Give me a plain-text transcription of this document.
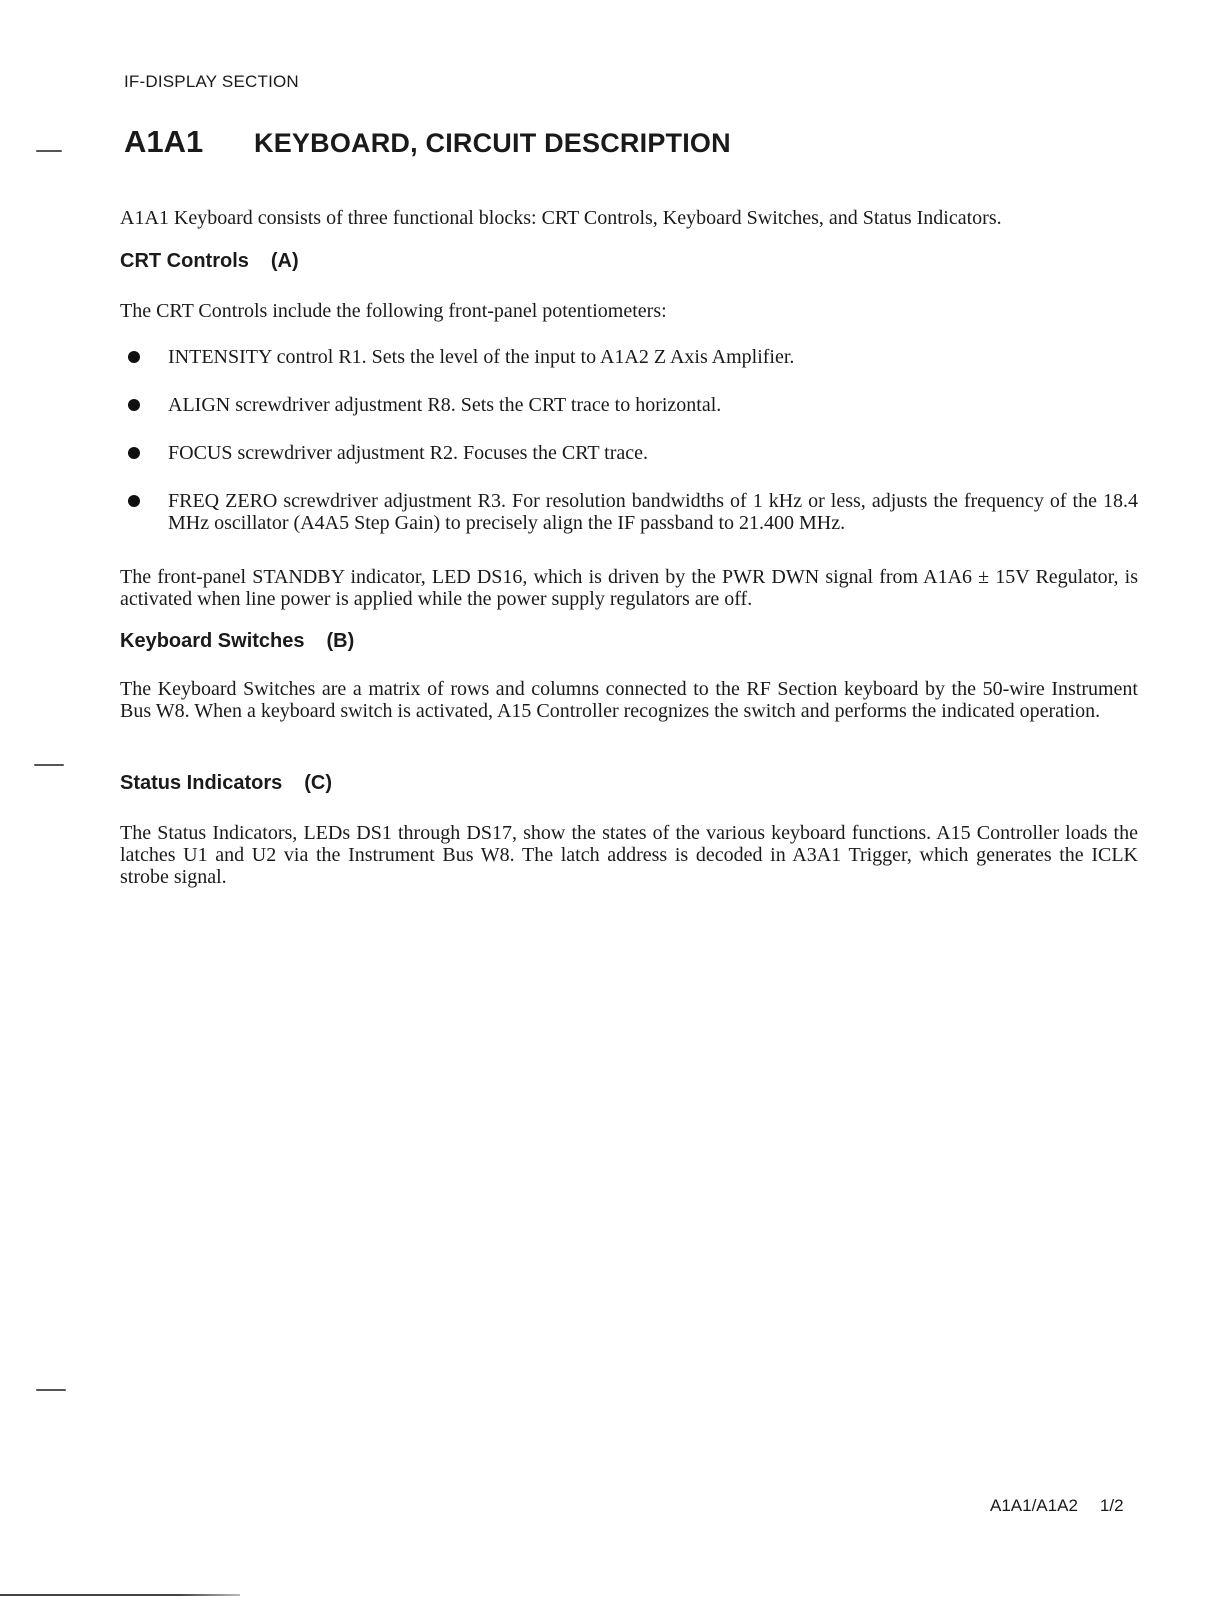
IF-DISPLAY SECTION
A1A1	KEYBOARD, CIRCUIT DESCRIPTION
A1A1 Keyboard consists of three functional blocks: CRT Controls, Keyboard Switches, and Status Indicators.
CRT Controls (A)
The CRT Controls include the following front-panel potentiometers:
INTENSITY control R1. Sets the level of the input to A1A2 Z Axis Amplifier.
ALIGN screwdriver adjustment R8. Sets the CRT trace to horizontal.
FOCUS screwdriver adjustment R2. Focuses the CRT trace.
FREQ ZERO screwdriver adjustment R3. For resolution bandwidths of 1 kHz or less, adjusts the frequency of the 18.4 MHz oscillator (A4A5 Step Gain) to precisely align the IF passband to 21.400 MHz.
The front-panel STANDBY indicator, LED DS16, which is driven by the PWR DWN signal from A1A6 ± 15V Regulator, is activated when line power is applied while the power supply regulators are off.
Keyboard Switches (B)
The Keyboard Switches are a matrix of rows and columns connected to the RF Section keyboard by the 50-wire Instrument Bus W8. When a keyboard switch is activated, A15 Controller recognizes the switch and performs the indicated operation.
Status Indicators (C)
The Status Indicators, LEDs DS1 through DS17, show the states of the various keyboard functions. A15 Controller loads the latches U1 and U2 via the Instrument Bus W8. The latch address is decoded in A3A1 Trigger, which generates the ICLK strobe signal.
A1A1/A1A2 1/2
